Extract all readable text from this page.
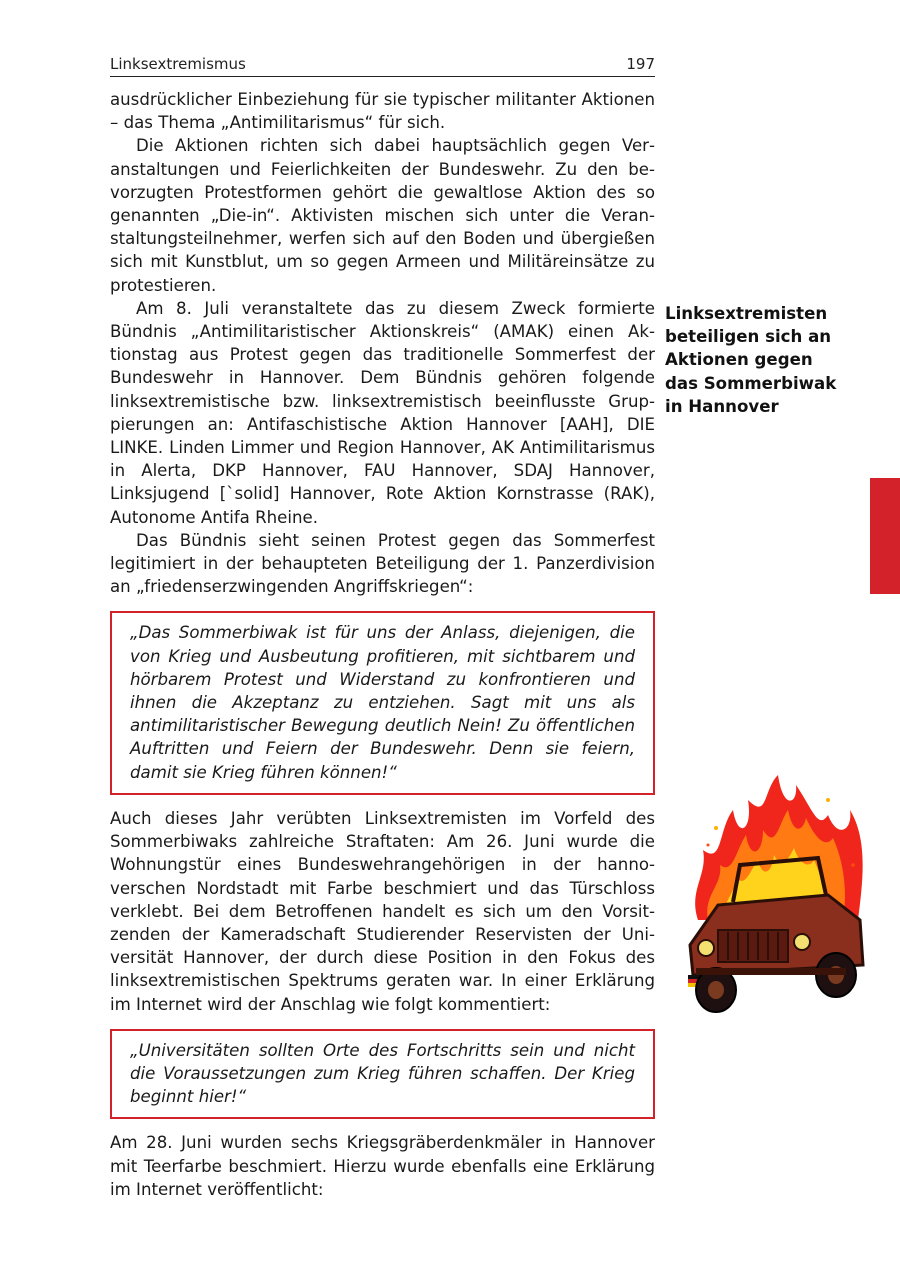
Linksextremismus	197

ausdrücklicher Einbeziehung für sie typischer militanter Aktionen – das Thema „Antimilitarismus“ für sich.

Die Aktionen richten sich dabei hauptsächlich gegen Veranstaltungen und Feierlichkeiten der Bundeswehr. Zu den bevorzugten Protestformen gehört die gewaltlose Aktion des so genannten „Die-in“. Aktivisten mischen sich unter die Veranstaltungsteilnehmer, werfen sich auf den Boden und übergießen sich mit Kunstblut, um so gegen Armeen und Militäreinsätze zu protestieren.

Am 8. Juli veranstaltete das zu diesem Zweck formierte Bündnis „Antimilitaristischer Aktionskreis“ (AMAK) einen Aktionstag aus Protest gegen das traditionelle Sommerfest der Bundeswehr in Hannover. Dem Bündnis gehören folgende linksextremistische bzw. linksextremistisch beeinflusste Gruppierungen an: Antifaschistische Aktion Hannover [AAH], DIE LINKE. Linden Limmer und Region Hannover, AK Antimilitarismus in Alerta, DKP Hannover, FAU Hannover, SDAJ Hannover, Linksjugend [`solid] Hannover, Rote Aktion Kornstrasse (RAK), Autonome Antifa Rheine.

Das Bündnis sieht seinen Protest gegen das Sommerfest legitimiert in der behaupteten Beteiligung der 1. Panzerdivision an „friedenserzwingenden Angriffskriegen“:

„Das Sommerbiwak ist für uns der Anlass, diejenigen, die von Krieg und Ausbeutung profitieren, mit sichtbarem und hörbarem Protest und Widerstand zu konfrontieren und ihnen die Akzeptanz zu entziehen. Sagt mit uns als antimilitaristischer Bewegung deutlich Nein! Zu öffentlichen Auftritten und Feiern der Bundeswehr. Denn sie feiern, damit sie Krieg führen können!“

Auch dieses Jahr verübten Linksextremisten im Vorfeld des Sommerbiwaks zahlreiche Straftaten: Am 26. Juni wurde die Wohnungstür eines Bundeswehrangehörigen in der hannoverschen Nordstadt mit Farbe beschmiert und das Türschloss verklebt. Bei dem Betroffenen handelt es sich um den Vorsitzenden der Kameradschaft Studierender Reservisten der Universität Hannover, der durch diese Position in den Fokus des linksextremistischen Spektrums geraten war. In einer Erklärung im Internet wird der Anschlag wie folgt kommentiert:

„Universitäten sollten Orte des Fortschritts sein und nicht die Voraussetzungen zum Krieg führen schaffen. Der Krieg beginnt hier!“

Am 28. Juni wurden sechs Kriegsgräberdenkmäler in Hannover mit Teerfarbe beschmiert. Hierzu wurde ebenfalls eine Erklärung im Internet veröffentlicht:

Linksextremisten
beteiligen sich an
Aktionen gegen
das Sommerbiwak
in Hannover
